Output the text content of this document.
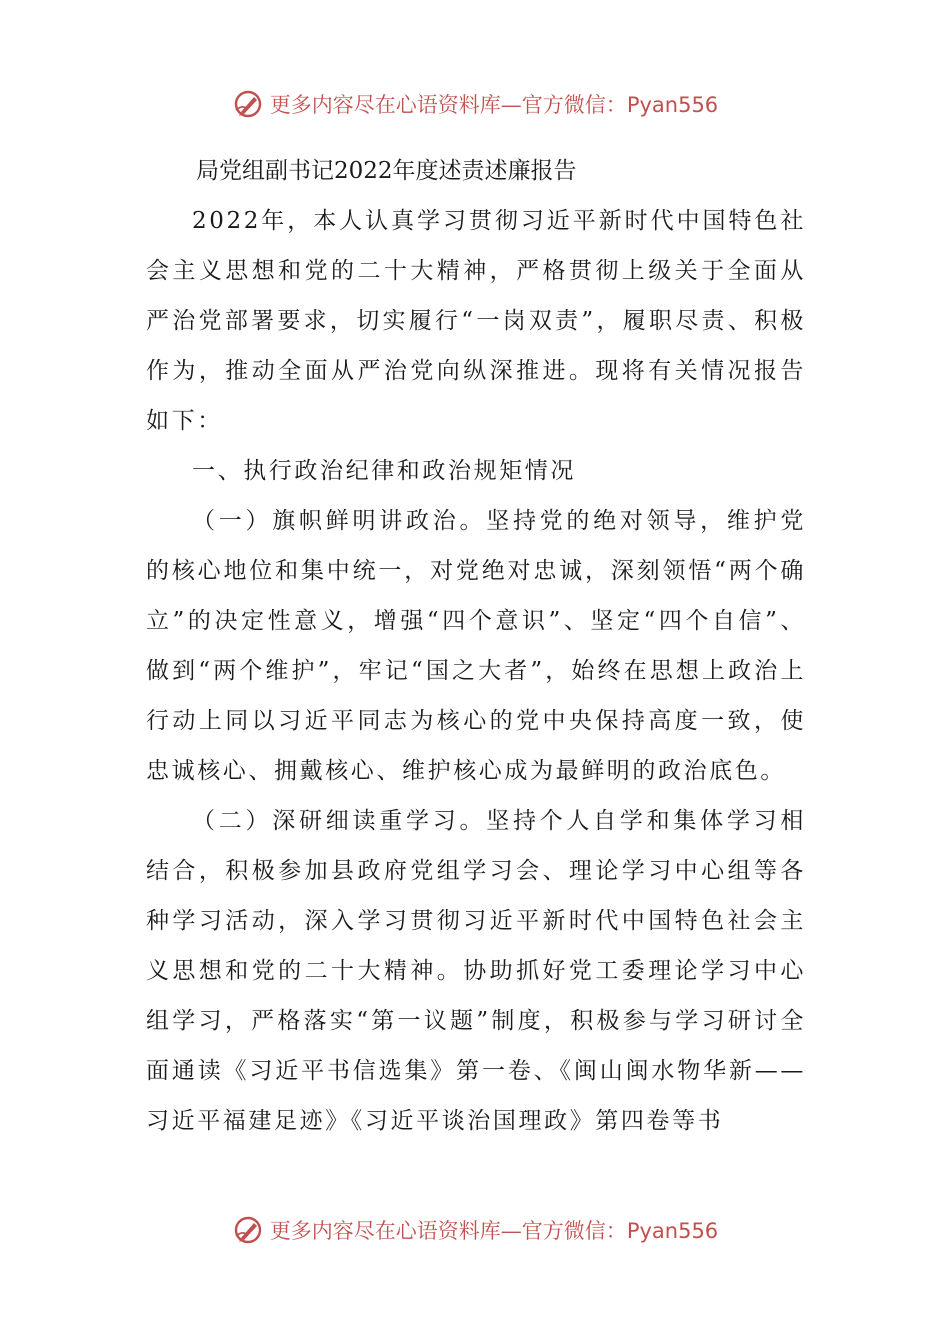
更多内容尽在心语资料库—官方微信：Pyan556
局党组副书记2022年度述责述廉报告

2022年，本人认真学习贯彻习近平新时代中国特色社会主义思想和党的二十大精神，严格贯彻上级关于全面从严治党部署要求，切实履行“一岗双责”，履职尽责、积极作为，推动全面从严治党向纵深推进。现将有关情况报告如下：

一、执行政治纪律和政治规矩情况

（一）旗帜鲜明讲政治。坚持党的绝对领导，维护党的核心地位和集中统一，对党绝对忠诚，深刻领悟“两个确立”的决定性意义，增强“四个意识”、坚定“四个自信”、做到“两个维护”，牢记“国之大者”，始终在思想上政治上行动上同以习近平同志为核心的党中央保持高度一致，使忠诚核心、拥戴核心、维护核心成为最鲜明的政治底色。

（二）深研细读重学习。坚持个人自学和集体学习相结合，积极参加县政府党组学习会、理论学习中心组等各种学习活动，深入学习贯彻习近平新时代中国特色社会主义思想和党的二十大精神。协助抓好党工委理论学习中心组学习，严格落实“第一议题”制度，积极参与学习研讨全面通读《习近平书信选集》第一卷、《闽山闽水物华新——习近平福建足迹》《习近平谈治国理政》第四卷等书

更多内容尽在心语资料库—官方微信：Pyan556
